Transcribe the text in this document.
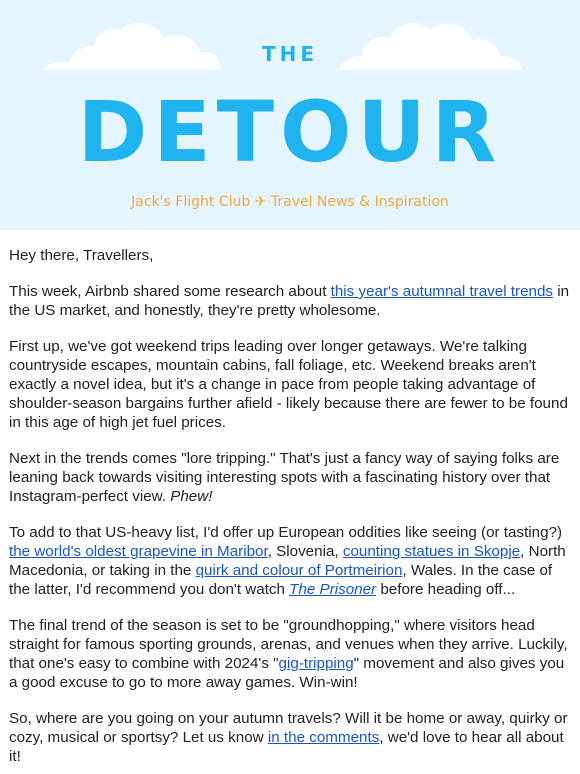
THE
DETOUR
Jack's Flight Club ✈ Travel News & Inspiration

Hey there, Travellers,

This week, Airbnb shared some research about this year's autumnal travel trends in the US market, and honestly, they're pretty wholesome.

First up, we've got weekend trips leading over longer getaways. We're talking countryside escapes, mountain cabins, fall foliage, etc. Weekend breaks aren't exactly a novel idea, but it's a change in pace from people taking advantage of shoulder-season bargains further afield - likely because there are fewer to be found in this age of high jet fuel prices.

Next in the trends comes "lore tripping." That's just a fancy way of saying folks are leaning back towards visiting interesting spots with a fascinating history over that Instagram-perfect view. Phew!

To add to that US-heavy list, I'd offer up European oddities like seeing (or tasting?) the world's oldest grapevine in Maribor, Slovenia, counting statues in Skopje, North Macedonia, or taking in the quirk and colour of Portmeirion, Wales. In the case of the latter, I'd recommend you don't watch The Prisoner before heading off...

The final trend of the season is set to be "groundhopping," where visitors head straight for famous sporting grounds, arenas, and venues when they arrive. Luckily, that one's easy to combine with 2024's "gig-tripping" movement and also gives you a good excuse to go to more away games. Win-win!

So, where are you going on your autumn travels? Will it be home or away, quirky or cozy, musical or sportsy? Let us know in the comments, we'd love to hear all about it!
